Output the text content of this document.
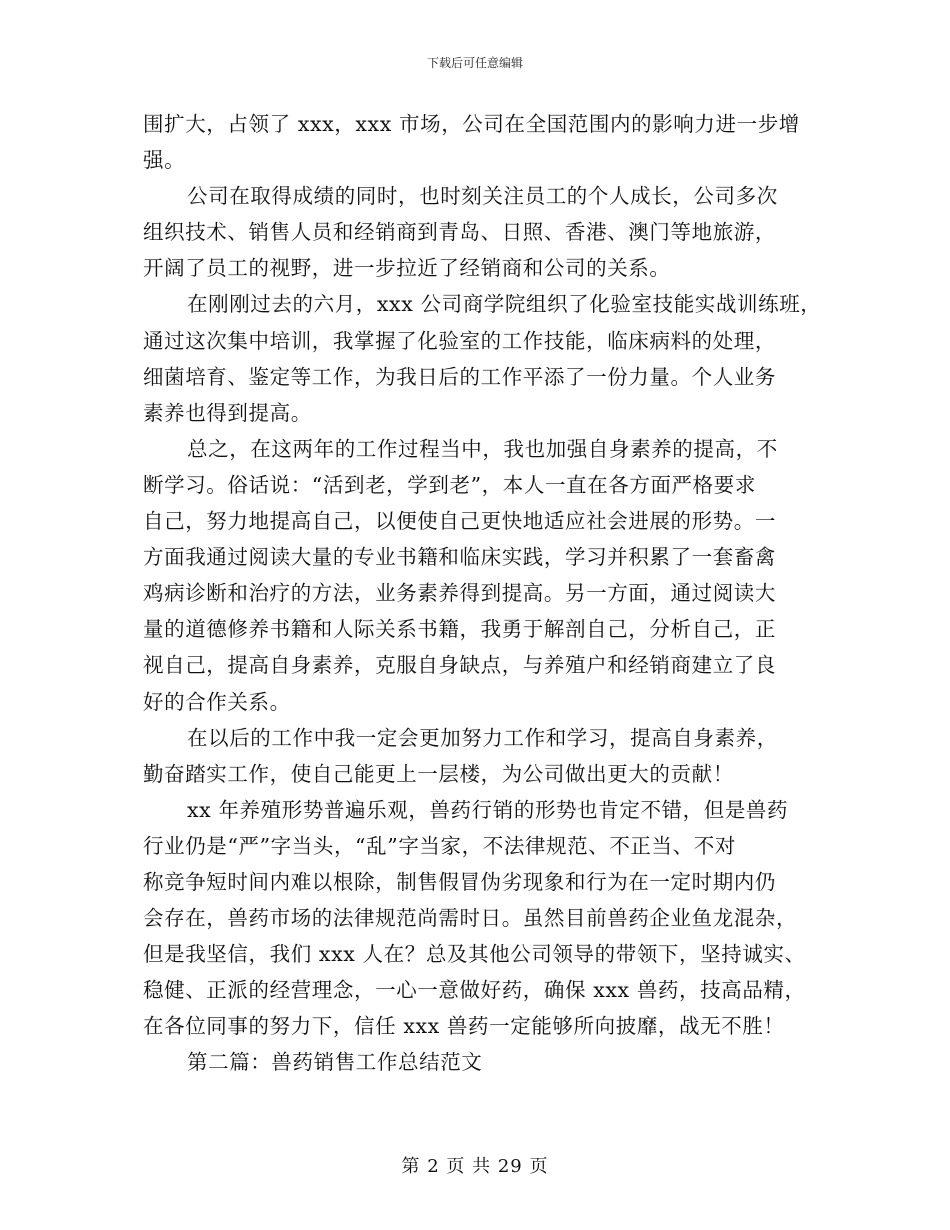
下载后可任意编辑
围扩大，占领了 xxx，xxx 市场，公司在全国范围内的影响力进一步增
强。
公司在取得成绩的同时，也时刻关注员工的个人成长，公司多次
组织技术、销售人员和经销商到青岛、日照、香港、澳门等地旅游，
开阔了员工的视野，进一步拉近了经销商和公司的关系。
在刚刚过去的六月，xxx 公司商学院组织了化验室技能实战训练班，
通过这次集中培训，我掌握了化验室的工作技能，临床病料的处理，
细菌培育、鉴定等工作，为我日后的工作平添了一份力量。个人业务
素养也得到提高。
总之，在这两年的工作过程当中，我也加强自身素养的提高，不
断学习。俗话说：“活到老，学到老”，本人一直在各方面严格要求
自己，努力地提高自己，以便使自己更快地适应社会进展的形势。一
方面我通过阅读大量的专业书籍和临床实践，学习并积累了一套畜禽
鸡病诊断和治疗的方法，业务素养得到提高。另一方面，通过阅读大
量的道德修养书籍和人际关系书籍，我勇于解剖自己，分析自己，正
视自己，提高自身素养，克服自身缺点，与养殖户和经销商建立了良
好的合作关系。
在以后的工作中我一定会更加努力工作和学习，提高自身素养，
勤奋踏实工作，使自己能更上一层楼，为公司做出更大的贡献！
xx 年养殖形势普遍乐观，兽药行销的形势也肯定不错，但是兽药
行业仍是“严”字当头，“乱”字当家，不法律规范、不正当、不对
称竞争短时间内难以根除，制售假冒伪劣现象和行为在一定时期内仍
会存在，兽药市场的法律规范尚需时日。虽然目前兽药企业鱼龙混杂，
但是我坚信，我们 xxx 人在？总及其他公司领导的带领下，坚持诚实、
稳健、正派的经营理念，一心一意做好药，确保 xxx 兽药，技高品精，
在各位同事的努力下，信任 xxx 兽药一定能够所向披靡，战无不胜！
第二篇：兽药销售工作总结范文
第 2 页 共 29 页
